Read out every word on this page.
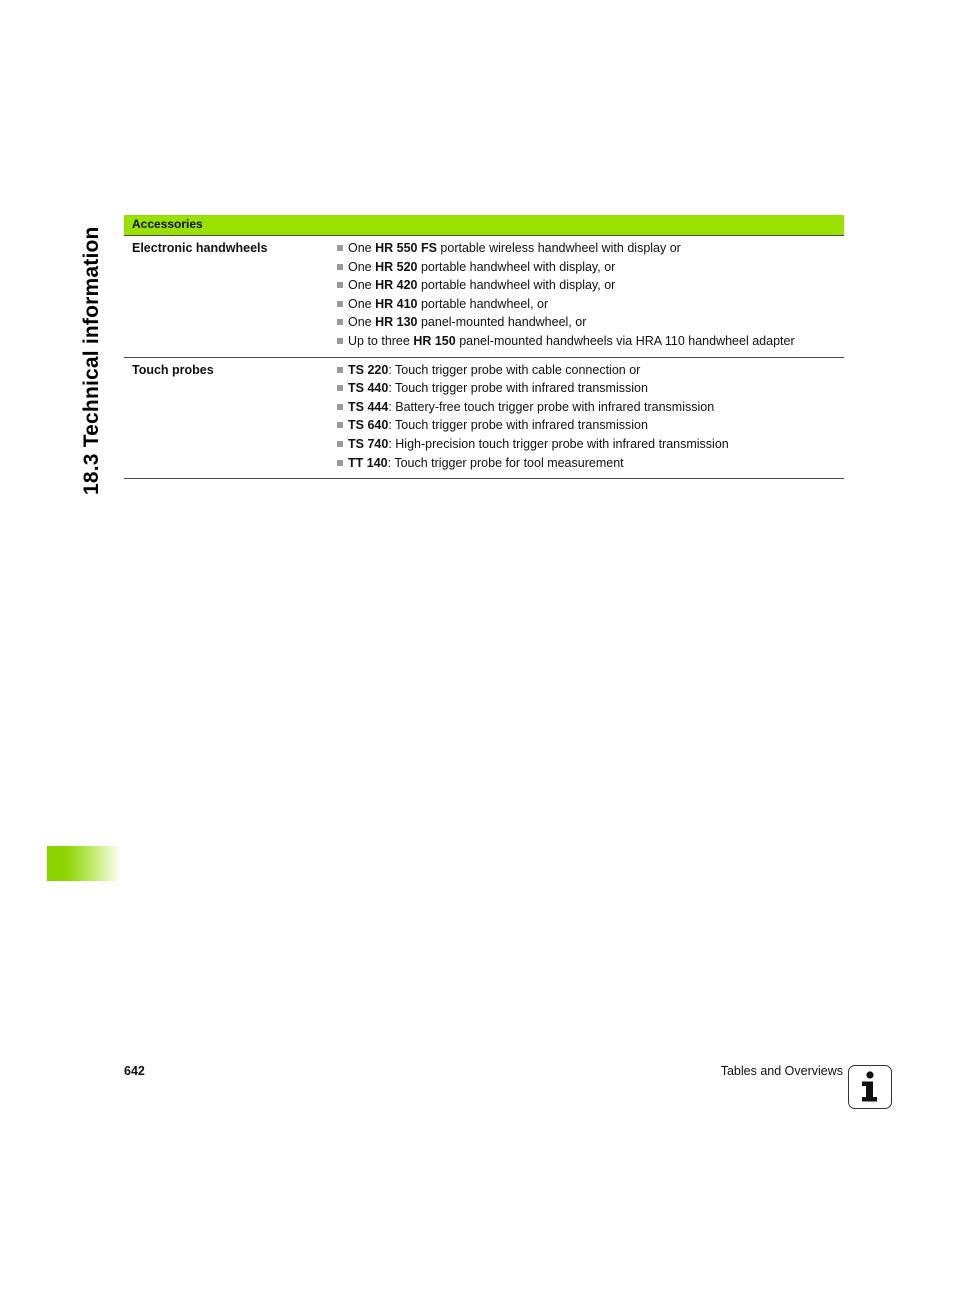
18.3 Technical information
Accessories
Electronic handwheels	One HR 550 FS portable wireless handwheel with display or
One HR 520 portable handwheel with display, or
One HR 420 portable handwheel with display, or
One HR 410 portable handwheel, or
One HR 130 panel-mounted handwheel, or
Up to three HR 150 panel-mounted handwheels via HRA 110 handwheel adapter
Touch probes	TS 220: Touch trigger probe with cable connection or
TS 440: Touch trigger probe with infrared transmission
TS 444: Battery-free touch trigger probe with infrared transmission
TS 640: Touch trigger probe with infrared transmission
TS 740: High-precision touch trigger probe with infrared transmission
TT 140: Touch trigger probe for tool measurement
642	Tables and Overviews
